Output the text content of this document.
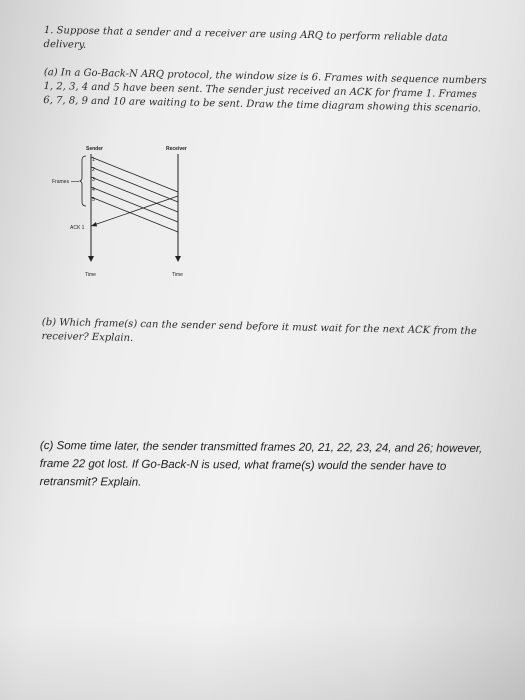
1. Suppose that a sender and a receiver are using ARQ to perform reliable data delivery.

(a) In a Go-Back-N ARQ protocol, the window size is 6. Frames with sequence numbers 1, 2, 3, 4 and 5 have been sent. The sender just received an ACK for frame 1. Frames 6, 7, 8, 9 and 10 are waiting to be sent. Draw the time diagram showing this scenario.

Sender	Receiver
Frames
1
2
3
4
5
ACK 1
Time	Time

(b) Which frame(s) can the sender send before it must wait for the next ACK from the receiver? Explain.

(c) Some time later, the sender transmitted frames 20, 21, 22, 23, 24, and 26; however, frame 22 got lost. If Go-Back-N is used, what frame(s) would the sender have to retransmit? Explain.
